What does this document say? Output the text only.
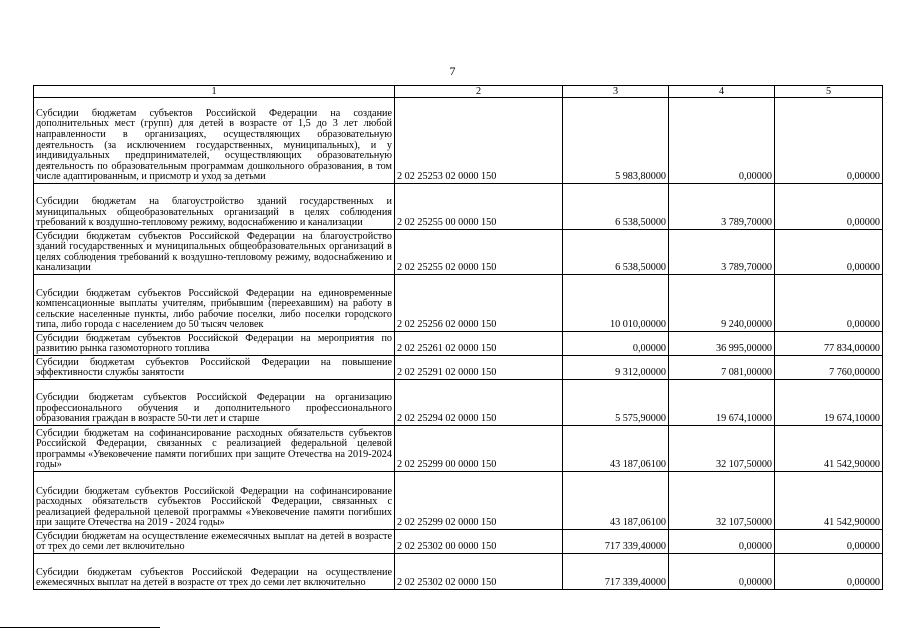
7
1	2	3	4	5
Субсидии бюджетам субъектов Российской Федерации на создание дополнительных мест (групп) для детей в возрасте от 1,5 до 3 лет любой направленности в организациях, осуществляющих образовательную деятельность (за исключением государственных, муниципальных), и у индивидуальных предпринимателей, осуществляющих образовательную деятельность по образовательным программам дошкольного образования, в том числе адаптированным, и присмотр и уход за детьми	2 02 25253 02 0000 150	5 983,80000	0,00000	0,00000
Субсидии бюджетам на благоустройство зданий государственных и муниципальных общеобразовательных организаций в целях соблюдения требований к воздушно-тепловому режиму, водоснабжению и канализации	2 02 25255 00 0000 150	6 538,50000	3 789,70000	0,00000
Субсидии бюджетам субъектов Российской Федерации на благоустройство зданий государственных и муниципальных общеобразовательных организаций в целях соблюдения требований к воздушно-тепловому режиму, водоснабжению и канализации	2 02 25255 02 0000 150	6 538,50000	3 789,70000	0,00000
Субсидии бюджетам субъектов Российской Федерации на единовременные компенсационные выплаты учителям, прибывшим (переехавшим) на работу в сельские населенные пункты, либо рабочие поселки, либо поселки городского типа, либо города с населением до 50 тысяч человек	2 02 25256 02 0000 150	10 010,00000	9 240,00000	0,00000
Субсидии бюджетам субъектов Российской Федерации на мероприятия по развитию рынка газомоторного топлива	2 02 25261 02 0000 150	0,00000	36 995,00000	77 834,00000
Субсидии бюджетам субъектов Российской Федерации на повышение эффективности службы занятости	2 02 25291 02 0000 150	9 312,00000	7 081,00000	7 760,00000
Субсидии бюджетам субъектов Российской Федерации на организацию профессионального обучения и дополнительного профессионального образования граждан в возрасте 50-ти лет и старше	2 02 25294 02 0000 150	5 575,90000	19 674,10000	19 674,10000
Субсидии бюджетам на софинансирование расходных обязательств субъектов Российской Федерации, связанных с реализацией федеральной целевой программы «Увековечение памяти погибших при защите Отечества на 2019-2024 годы»	2 02 25299 00 0000 150	43 187,06100	32 107,50000	41 542,90000
Субсидии бюджетам субъектов Российской Федерации на софинансирование расходных обязательств субъектов Российской Федерации, связанных с реализацией федеральной целевой программы «Увековечение памяти погибших при защите Отечества на 2019 - 2024 годы»	2 02 25299 02 0000 150	43 187,06100	32 107,50000	41 542,90000
Субсидии бюджетам на осуществление ежемесячных выплат на детей в возрасте от трех до семи лет включительно	2 02 25302 00 0000 150	717 339,40000	0,00000	0,00000
Субсидии бюджетам субъектов Российской Федерации на осуществление ежемесячных выплат на детей в возрасте от трех до семи лет включительно	2 02 25302 02 0000 150	717 339,40000	0,00000	0,00000
